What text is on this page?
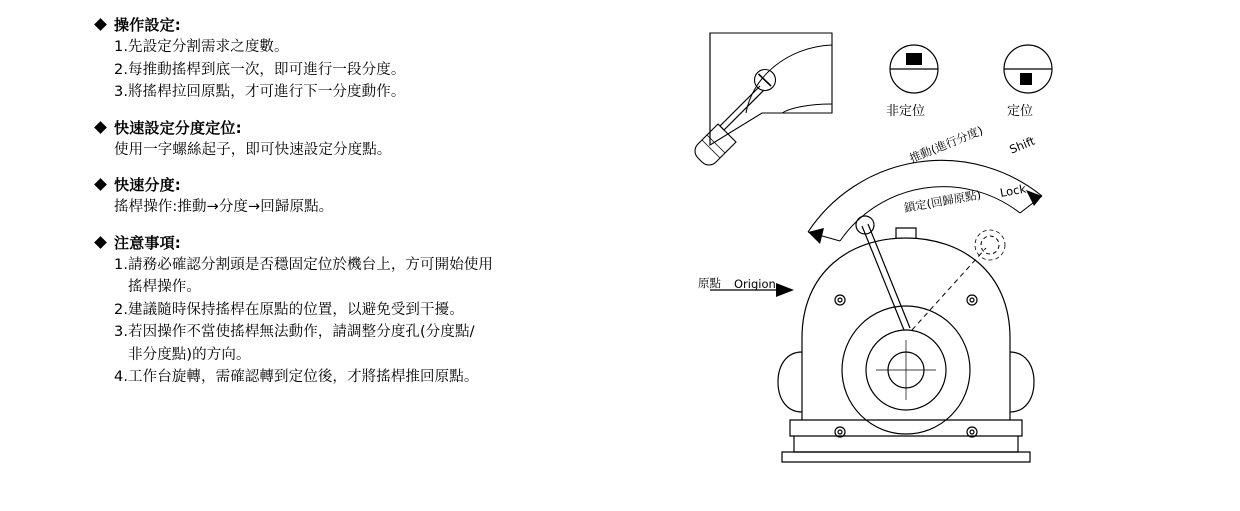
操作設定:
1.先設定分割需求之度數。
2.每推動搖桿到底一次，即可進行一段分度。
3.將搖桿拉回原點，才可進行下一分度動作。
快速設定分度定位:
使用一字螺絲起子，即可快速設定分度點。
快速分度:
搖桿操作:推動→分度→回歸原點。
注意事項:
1.請務必確認分割頭是否穩固定位於機台上，方可開始使用
搖桿操作。
2.建議隨時保持搖桿在原點的位置，以避免受到干擾。
3.若因操作不當使搖桿無法動作，請調整分度孔(分度點/
非分度點)的方向。
4.工作台旋轉，需確認轉到定位後，才將搖桿推回原點。
非定位	定位
推動(進行分度) Shift
鎖定(回歸原點) Lock
原點 Origion
